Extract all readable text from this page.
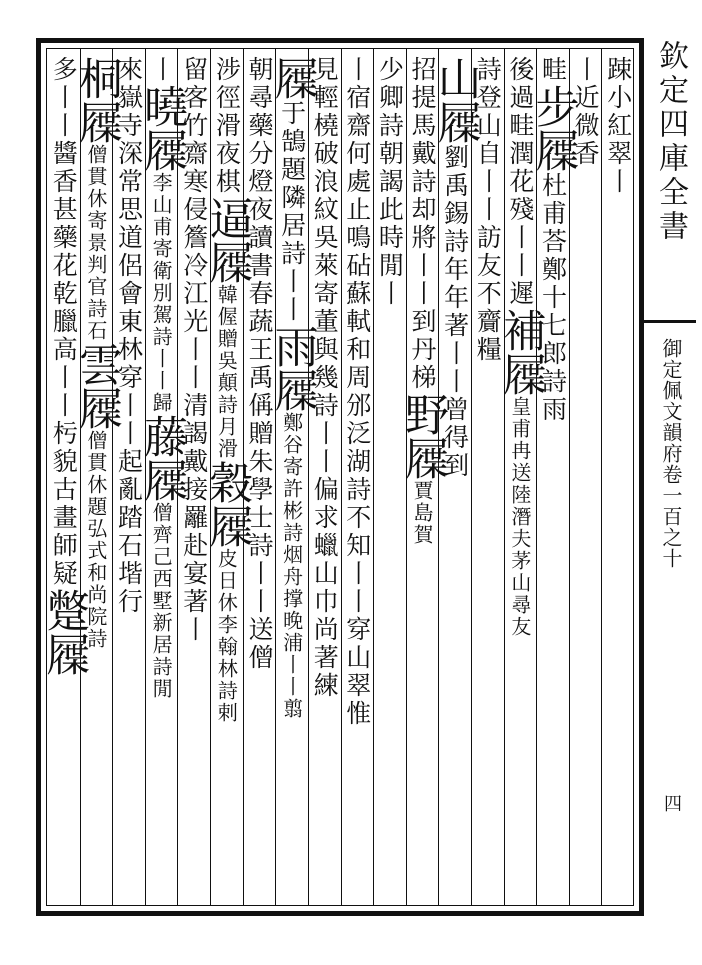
踈小紅翠丨
丨近微香
畦步屧杜甫荅鄭十七郎詩雨
後過畦潤花殘丨丨遲補屧皇甫冉送陸潛夫茅山尋友
詩登山自丨丨訪友不齎糧
山屧劉禹錫詩年年著丨丨曾得到
招提馬戴詩却將丨丨到丹梯野屧賈島賀
少卿詩朝謁此時閒丨
丨宿齋何處止鳴砧蘇軾和周邠泛湖詩不知丨丨穿山翠惟
見輕橈破浪紋吳萊寄董與幾詩丨丨偏求蠟山巾尚著練
屧于鵠題隣居詩丨丨雨屧鄭谷寄許彬詩烟舟撑晚浦丨丨翦
朝尋藥分燈夜讀書春蔬王禹偁贈朱學士詩丨丨送僧
涉徑滑夜棋逼屧韓偓贈吳顛詩月滑穀屧皮日休李翰林詩剌
留客竹齋寒侵簷冷江光丨丨清謁戴接䍦赴宴著丨
丨曉屧李山甫寄衛別駕詩丨丨歸藤屧僧齊己西墅新居詩閒
來嶽寺深常思道侶會東林穿丨丨起亂踏石堦行
桐屧僧貫休寄景判官詩石雲屧僧貫休題弘式和尚院詩
多丨丨醬香甚藥花乾臘高丨丨杇貌古畫師疑蹩屧
欽定四庫全書
御定佩文韻府卷一百之十
四
